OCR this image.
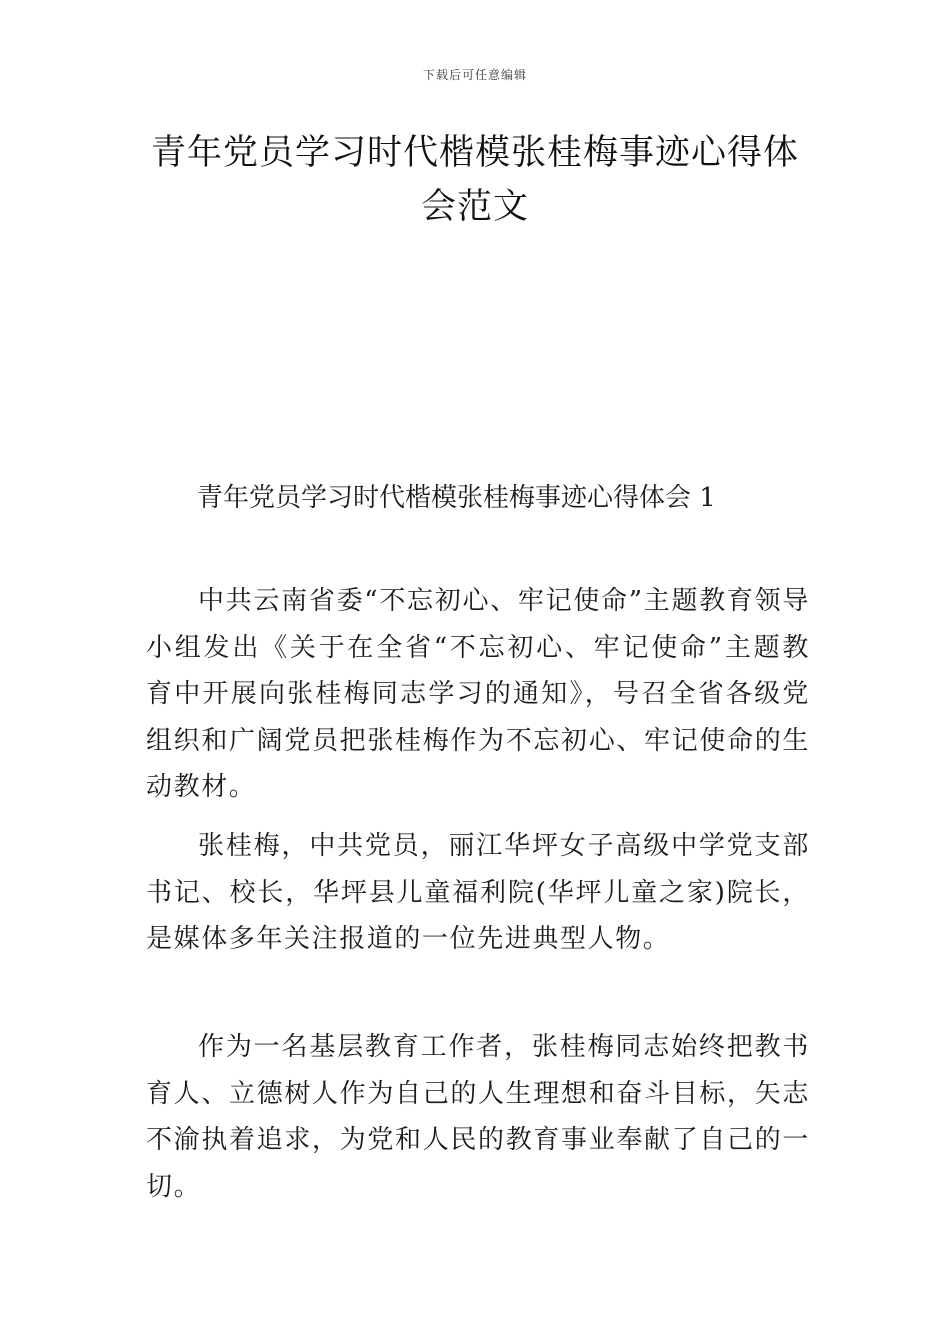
下载后可任意编辑
青年党员学习时代楷模张桂梅事迹心得体会范文
青年党员学习时代楷模张桂梅事迹心得体会 1

中共云南省委“不忘初心、牢记使命”主题教育领导小组发出《关于在全省“不忘初心、牢记使命”主题教育中开展向张桂梅同志学习的通知》，号召全省各级党组织和广阔党员把张桂梅作为不忘初心、牢记使命的生动教材。

张桂梅，中共党员，丽江华坪女子高级中学党支部书记、校长，华坪县儿童福利院(华坪儿童之家)院长，是媒体多年关注报道的一位先进典型人物。

作为一名基层教育工作者，张桂梅同志始终把教书育人、立德树人作为自己的人生理想和奋斗目标，矢志不渝执着追求，为党和人民的教育事业奉献了自己的一切。
